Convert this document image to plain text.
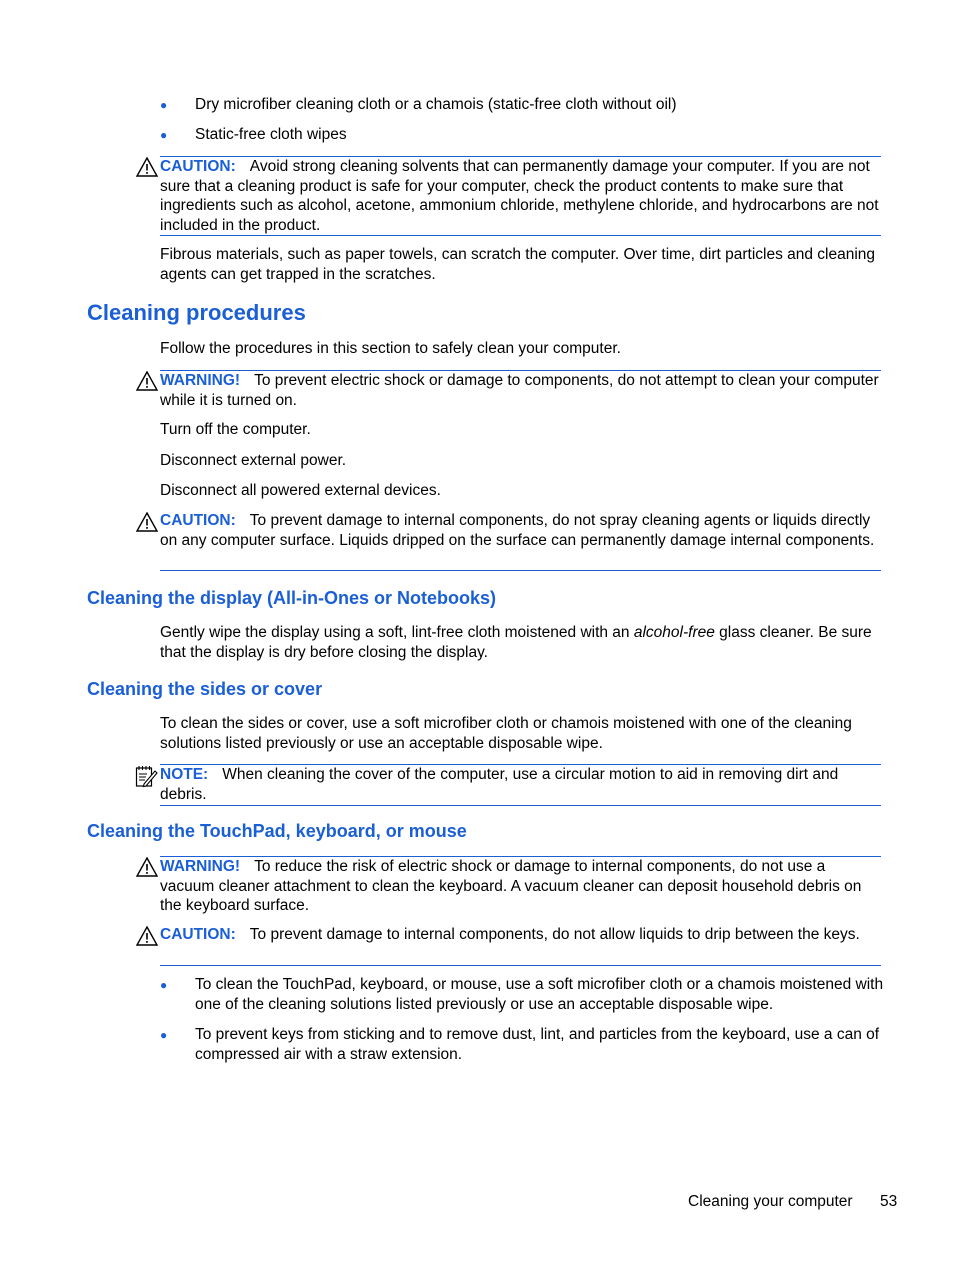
● Dry microfiber cleaning cloth or a chamois (static-free cloth without oil)
● Static-free cloth wipes
CAUTION: Avoid strong cleaning solvents that can permanently damage your computer. If you are not sure that a cleaning product is safe for your computer, check the product contents to make sure that ingredients such as alcohol, acetone, ammonium chloride, methylene chloride, and hydrocarbons are not included in the product.
Fibrous materials, such as paper towels, can scratch the computer. Over time, dirt particles and cleaning agents can get trapped in the scratches.
Cleaning procedures
Follow the procedures in this section to safely clean your computer.
WARNING! To prevent electric shock or damage to components, do not attempt to clean your computer while it is turned on.
Turn off the computer.
Disconnect external power.
Disconnect all powered external devices.
CAUTION: To prevent damage to internal components, do not spray cleaning agents or liquids directly on any computer surface. Liquids dripped on the surface can permanently damage internal components.
Cleaning the display (All-in-Ones or Notebooks)
Gently wipe the display using a soft, lint-free cloth moistened with an alcohol-free glass cleaner. Be sure that the display is dry before closing the display.
Cleaning the sides or cover
To clean the sides or cover, use a soft microfiber cloth or chamois moistened with one of the cleaning solutions listed previously or use an acceptable disposable wipe.
NOTE: When cleaning the cover of the computer, use a circular motion to aid in removing dirt and debris.
Cleaning the TouchPad, keyboard, or mouse
WARNING! To reduce the risk of electric shock or damage to internal components, do not use a vacuum cleaner attachment to clean the keyboard. A vacuum cleaner can deposit household debris on the keyboard surface.
CAUTION: To prevent damage to internal components, do not allow liquids to drip between the keys.
● To clean the TouchPad, keyboard, or mouse, use a soft microfiber cloth or a chamois moistened with one of the cleaning solutions listed previously or use an acceptable disposable wipe.
● To prevent keys from sticking and to remove dust, lint, and particles from the keyboard, use a can of compressed air with a straw extension.
Cleaning your computer 53
